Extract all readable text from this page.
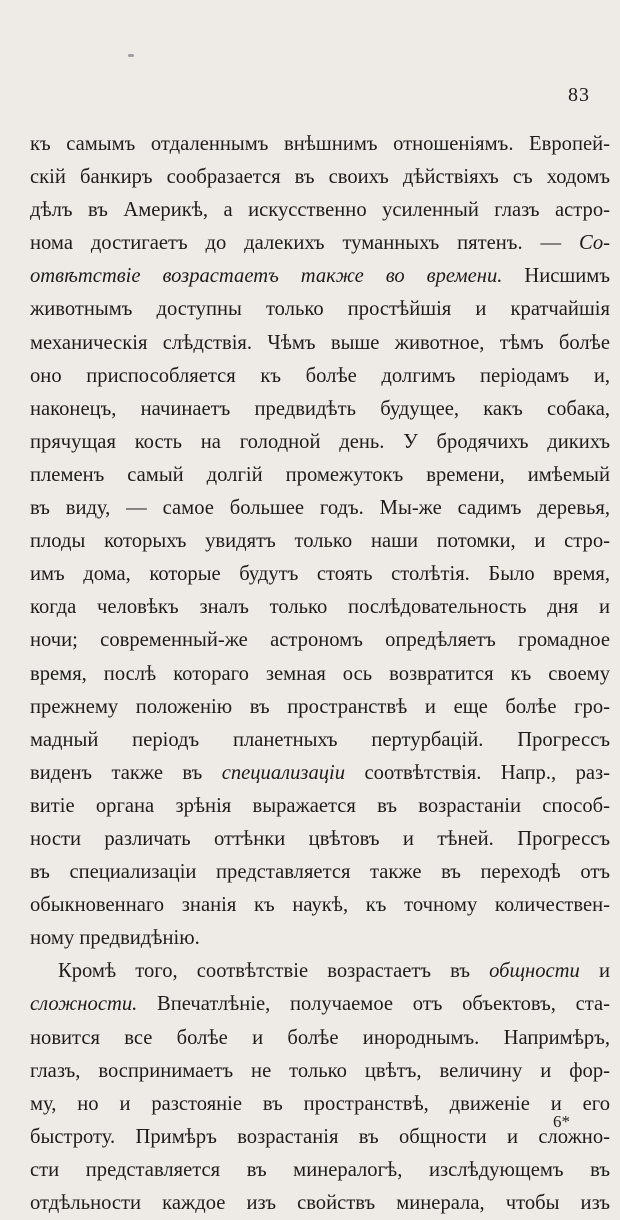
83
къ самымъ отдаленнымъ внѣшнимъ отношеніямъ. Европей-
скій банкиръ сообразается въ своихъ дѣйствіяхъ съ ходомъ
дѣлъ въ Америкѣ, а искусственно усиленный глазъ астро-
нома достигаетъ до далекихъ туманныхъ пятенъ. — Со-
отвѣтствіе возрастаетъ также во времени. Нисшимъ
животнымъ доступны только простѣйшія и кратчайшія
механическія слѣдствія. Чѣмъ выше животное, тѣмъ болѣе
оно приспособляется къ болѣе долгимъ періодамъ и,
наконецъ, начинаетъ предвидѣть будущее, какъ собака,
прячущая кость на голодной день. У бродячихъ дикихъ
племенъ самый долгій промежутокъ времени, имѣемый
въ виду, — самое большее годъ. Мы-же садимъ деревья,
плоды которыхъ увидятъ только наши потомки, и стро-
имъ дома, которые будутъ стоять столѣтія. Было время,
когда человѣкъ зналъ только послѣдовательность дня и
ночи; современный-же астрономъ опредѣляетъ громадное
время, послѣ котораго земная ось возвратится къ своему
прежнему положенію въ пространствѣ и еще болѣе гро-
мадный періодъ планетныхъ пертурбацій. Прогрессъ
виденъ также въ специализаціи соотвѣтствія. Напр., раз-
витіе органа зрѣнія выражается въ возрастаніи способ-
ности различать оттѣнки цвѣтовъ и тѣней. Прогрессъ
въ специализаціи представляется также въ переходѣ отъ
обыкновеннаго знанія къ наукѣ, къ точному количествен-
ному предвидѣнію.
Кромѣ того, соотвѣтствіе возрастаетъ въ общности и
сложности. Впечатлѣніе, получаемое отъ объектовъ, ста-
новится все болѣе и болѣе инороднымъ. Напримѣръ,
глазъ, воспринимаетъ не только цвѣтъ, величину и фор-
му, но и разстояніе въ пространствѣ, движеніе и его
быстроту. Примѣръ возрастанія въ общности и сложно-
сти представляется въ минералогѣ, изслѣдующемъ въ
отдѣльности каждое изъ свойствъ минерала, чтобы изъ
6*
